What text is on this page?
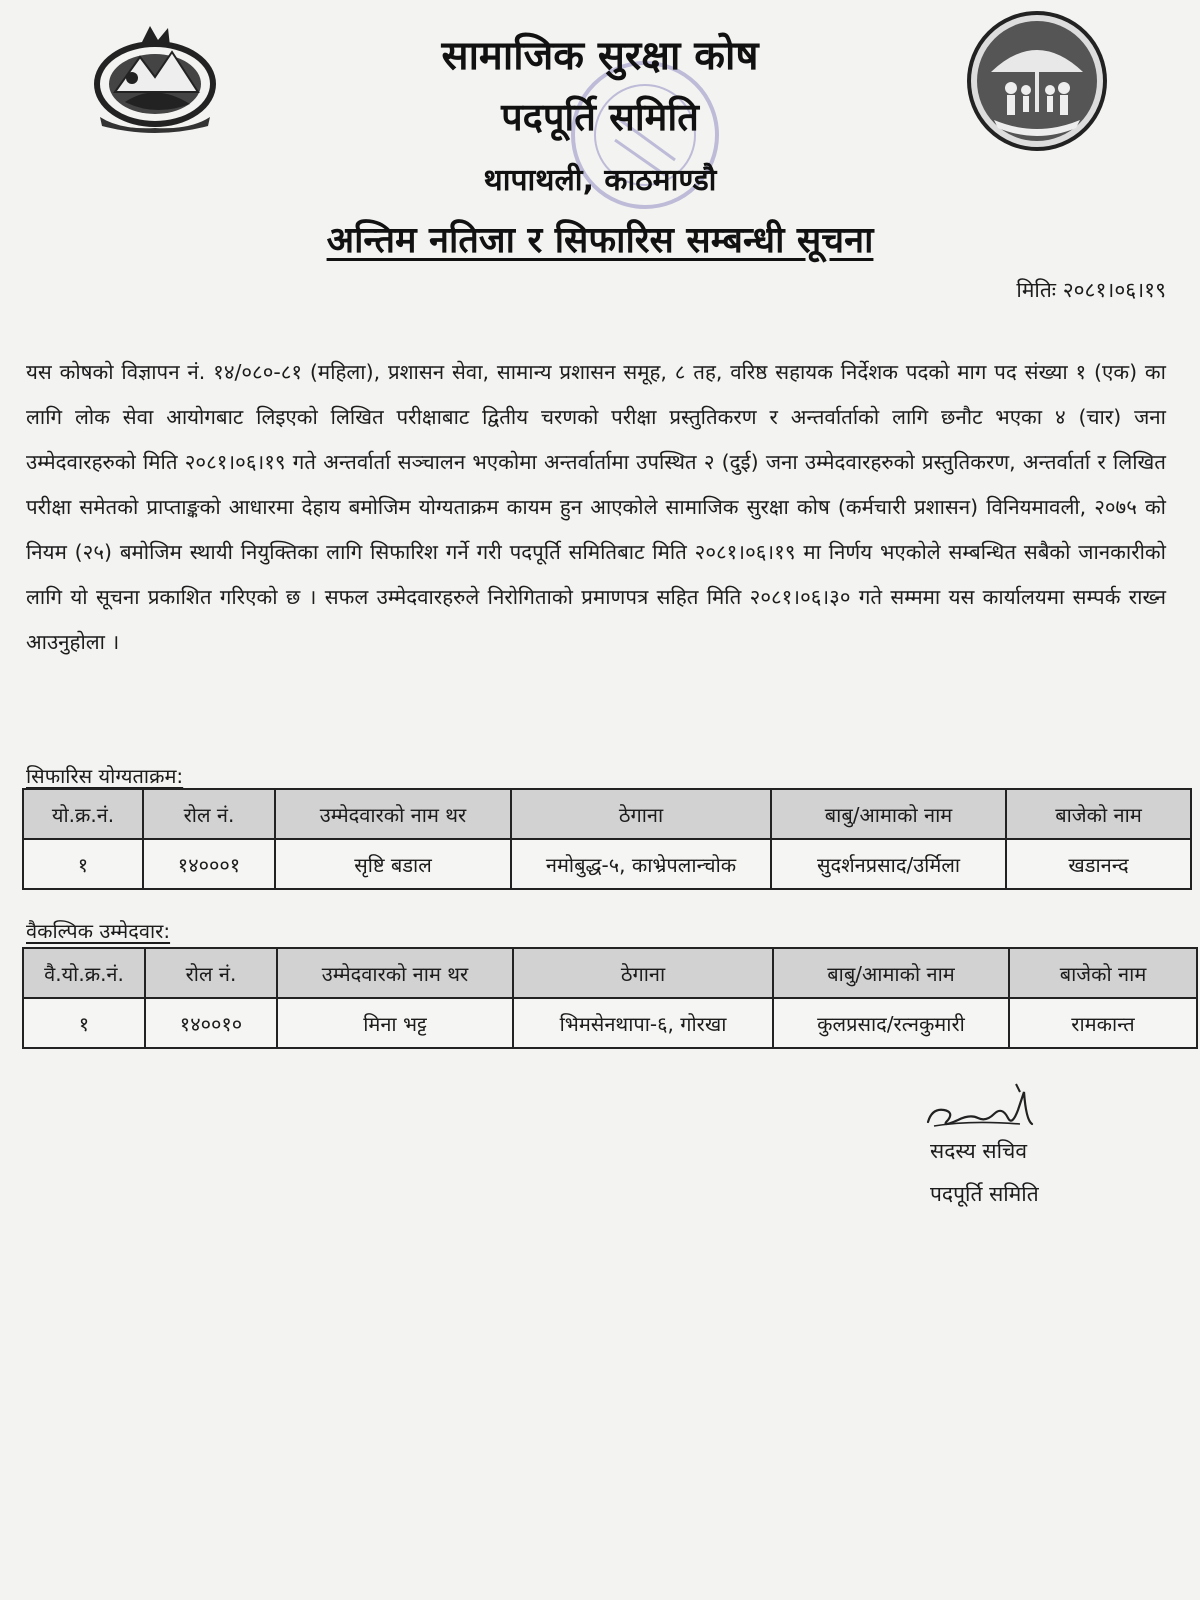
सामाजिक सुरक्षा कोष
पदपूर्ति समिति
थापाथली, काठमाण्डौ
अन्तिम नतिजा र सिफारिस सम्बन्धी सूचना
मितिः २०८१।०६।१९
यस कोषको विज्ञापन नं. १४/०८०-८१ (महिला), प्रशासन सेवा, सामान्य प्रशासन समूह, ८ तह, वरिष्ठ सहायक निर्देशक पदको माग पद संख्या १ (एक) का लागि लोक सेवा आयोगबाट लिइएको लिखित परीक्षाबाट द्वितीय चरणको परीक्षा प्रस्तुतिकरण र अन्तर्वार्ताको लागि छनौट भएका ४ (चार) जना उम्मेदवारहरुको मिति २०८१।०६।१९ गते अन्तर्वार्ता सञ्चालन भएकोमा अन्तर्वार्तामा उपस्थित २ (दुई) जना उम्मेदवारहरुको प्रस्तुतिकरण, अन्तर्वार्ता र लिखित परीक्षा समेतको प्राप्ताङ्कको आधारमा देहाय बमोजिम योग्यताक्रम कायम हुन आएकोले सामाजिक सुरक्षा कोष (कर्मचारी प्रशासन) विनियमावली, २०७५ को नियम (२५) बमोजिम स्थायी नियुक्तिका लागि सिफारिश गर्ने गरी पदपूर्ति समितिबाट मिति २०८१।०६।१९ मा निर्णय भएकोले सम्बन्धित सबैको जानकारीको लागि यो सूचना प्रकाशित गरिएको छ । सफल उम्मेदवारहरुले निरोगिताको प्रमाणपत्र सहित मिति २०८१।०६।३० गते सम्ममा यस कार्यालयमा सम्पर्क राख्न आउनुहोला ।
सिफारिस योग्यताक्रम:
यो.क्र.नं.	रोल नं.	उम्मेदवारको नाम थर	ठेगाना	बाबु/आमाको नाम	बाजेको नाम
१	१४०००१	सृष्टि बडाल	नमोबुद्ध-५, काभ्रेपलान्चोक	सुदर्शनप्रसाद/उर्मिला	खडानन्द
वैकल्पिक उम्मेदवार:
वै.यो.क्र.नं.	रोल नं.	उम्मेदवारको नाम थर	ठेगाना	बाबु/आमाको नाम	बाजेको नाम
१	१४००१०	मिना भट्ट	भिमसेनथापा-६, गोरखा	कुलप्रसाद/रत्नकुमारी	रामकान्त
सदस्य सचिव
पदपूर्ति समिति
